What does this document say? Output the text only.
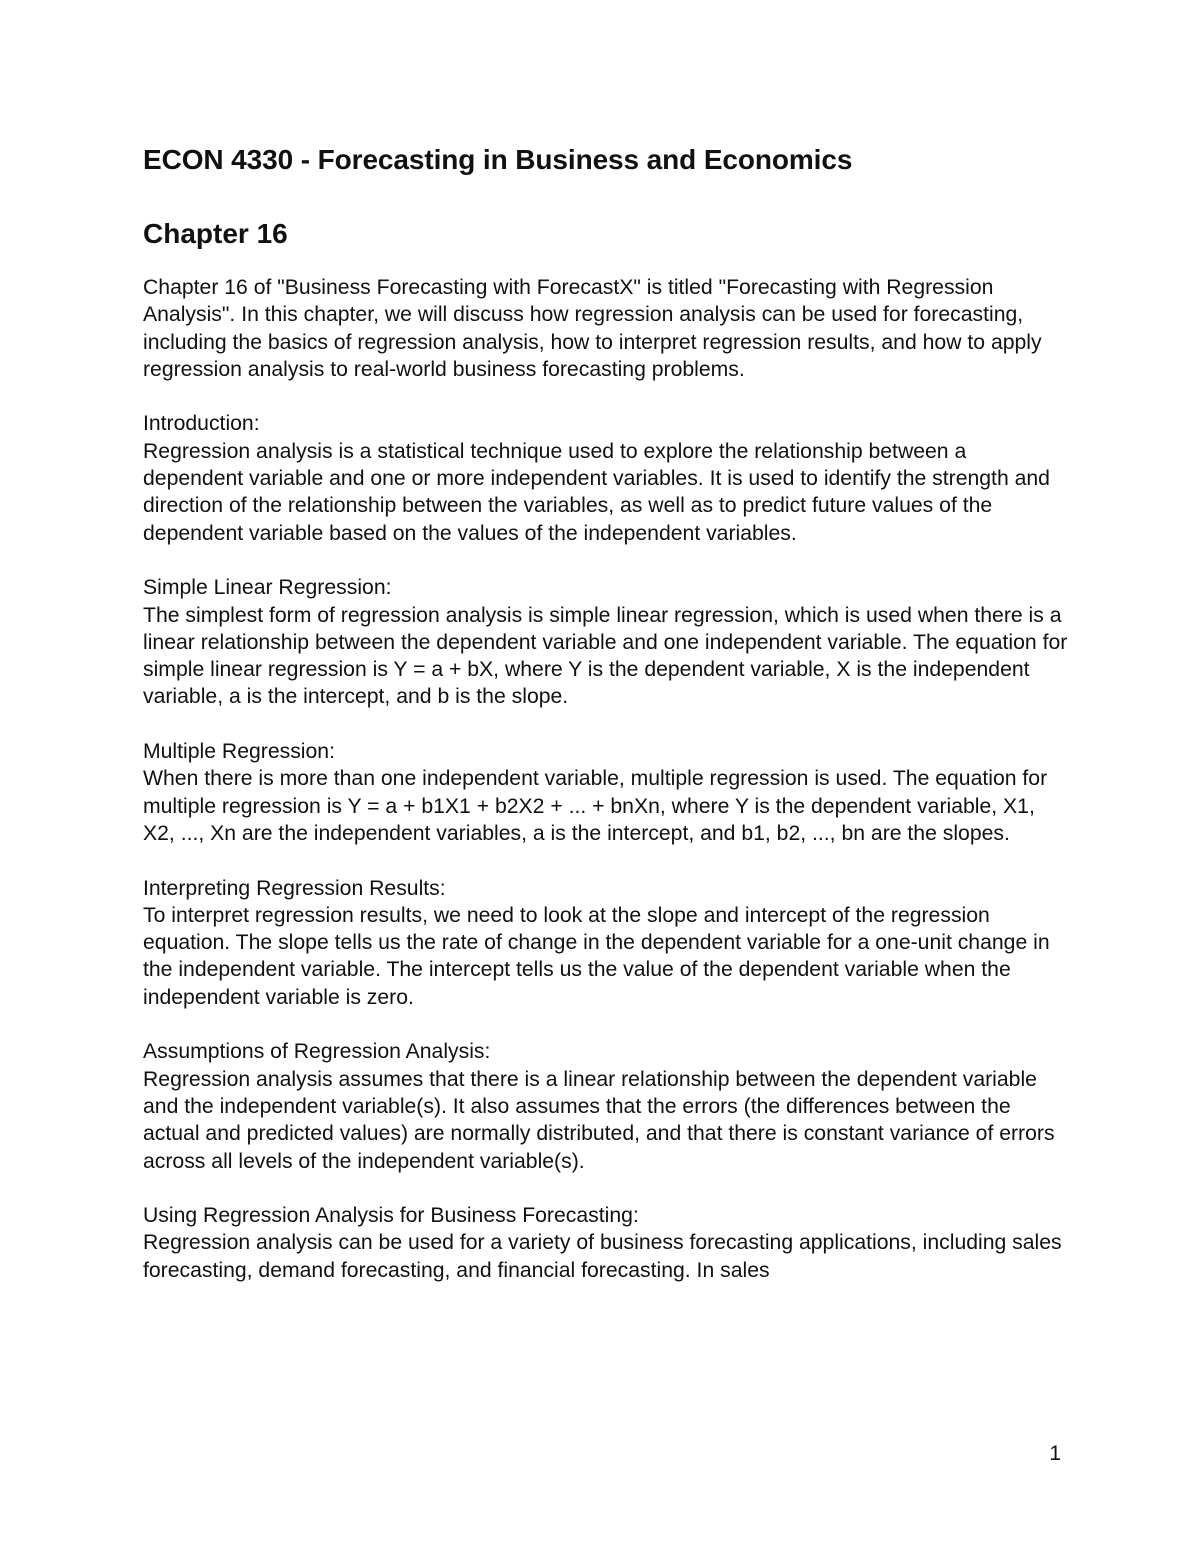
ECON 4330 - Forecasting in Business and Economics
Chapter 16

Chapter 16 of "Business Forecasting with ForecastX" is titled "Forecasting with Regression Analysis". In this chapter, we will discuss how regression analysis can be used for forecasting, including the basics of regression analysis, how to interpret regression results, and how to apply regression analysis to real-world business forecasting problems.

Introduction:
Regression analysis is a statistical technique used to explore the relationship between a dependent variable and one or more independent variables. It is used to identify the strength and direction of the relationship between the variables, as well as to predict future values of the dependent variable based on the values of the independent variables.
Simple Linear Regression:
The simplest form of regression analysis is simple linear regression, which is used when there is a linear relationship between the dependent variable and one independent variable. The equation for simple linear regression is Y = a + bX, where Y is the dependent variable, X is the independent variable, a is the intercept, and b is the slope.
Multiple Regression:
When there is more than one independent variable, multiple regression is used. The equation for multiple regression is Y = a + b1X1 + b2X2 + ... + bnXn, where Y is the dependent variable, X1, X2, ..., Xn are the independent variables, a is the intercept, and b1, b2, ..., bn are the slopes.
Interpreting Regression Results:
To interpret regression results, we need to look at the slope and intercept of the regression equation. The slope tells us the rate of change in the dependent variable for a one-unit change in the independent variable. The intercept tells us the value of the dependent variable when the independent variable is zero.
Assumptions of Regression Analysis:
Regression analysis assumes that there is a linear relationship between the dependent variable and the independent variable(s). It also assumes that the errors (the differences between the actual and predicted values) are normally distributed, and that there is constant variance of errors across all levels of the independent variable(s).
Using Regression Analysis for Business Forecasting:
Regression analysis can be used for a variety of business forecasting applications, including sales forecasting, demand forecasting, and financial forecasting. In sales
1
